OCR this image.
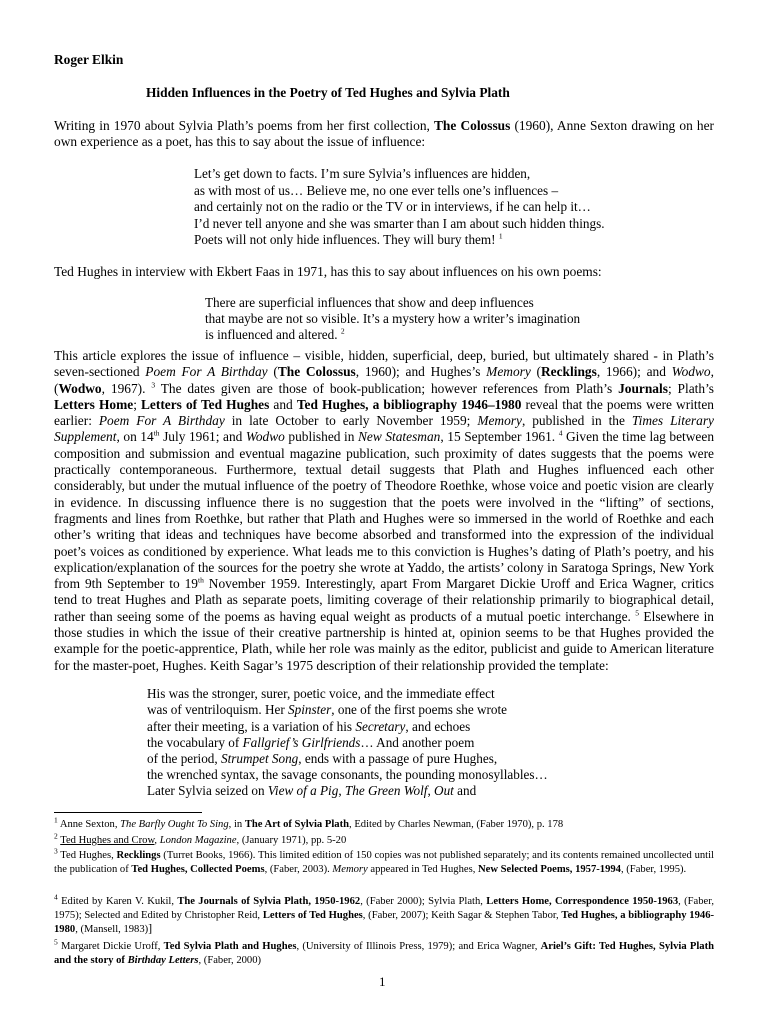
Roger Elkin
Hidden Influences in the Poetry of Ted Hughes and Sylvia Plath
Writing in 1970 about Sylvia Plath’s poems from her first collection, The Colossus (1960), Anne Sexton drawing on her own experience as a poet, has this to say about the issue of influence:
Let’s get down to facts. I’m sure Sylvia’s influences are hidden,
as with most of us… Believe me, no one ever tells one’s influences –
and certainly not on the radio or the TV or in interviews, if he can help it…
I’d never tell anyone and she was smarter than I am about such hidden things.
Poets will not only hide influences. They will bury them! $^1$
Ted Hughes in interview with Ekbert Faas in 1971, has this to say about influences on his own poems:
There are superficial influences that show and deep influences
that maybe are not so visible. It’s a mystery how a writer’s imagination
is influenced and altered. $^2$
This article explores the issue of influence – visible, hidden, superficial, deep, buried, but ultimately shared - in Plath’s seven-sectioned Poem For A Birthday (The Colossus, 1960); and Hughes’s Memory (Recklings, 1966); and Wodwo, (Wodwo, 1967). $^3$ The dates given are those of book-publication; however references from Plath’s Journals; Plath’s Letters Home; Letters of Ted Hughes and Ted Hughes, a bibliography 1946–1980 reveal that the poems were written earlier: Poem For A Birthday in late October to early November 1959; Memory, published in the Times Literary Supplement, on 14th July 1961; and Wodwo published in New Statesman, 15 September 1961. $^4$ Given the time lag between composition and submission and eventual magazine publication, such proximity of dates suggests that the poems were practically contemporaneous. Furthermore, textual detail suggests that Plath and Hughes influenced each other considerably, but under the mutual influence of the poetry of Theodore Roethke, whose voice and poetic vision are clearly in evidence. In discussing influence there is no suggestion that the poets were involved in the “lifting” of sections, fragments and lines from Roethke, but rather that Plath and Hughes were so immersed in the world of Roethke and each other’s writing that ideas and techniques have become absorbed and transformed into the expression of the individual poet’s voices as conditioned by experience. What leads me to this conviction is Hughes’s dating of Plath’s poetry, and his explication/explanation of the sources for the poetry she wrote at Yaddo, the artists’ colony in Saratoga Springs, New York from 9th September to 19th November 1959. Interestingly, apart From Margaret Dickie Uroff and Erica Wagner, critics tend to treat Hughes and Plath as separate poets, limiting coverage of their relationship primarily to biographical detail, rather than seeing some of the poems as having equal weight as products of a mutual poetic interchange. $^5$ Elsewhere in those studies in which the issue of their creative partnership is hinted at, opinion seems to be that Hughes provided the example for the poetic-apprentice, Plath, while her role was mainly as the editor, publicist and guide to American literature for the master-poet, Hughes. Keith Sagar’s 1975 description of their relationship provided the template:
His was the stronger, surer, poetic voice, and the immediate effect
was of ventriloquism. Her Spinster, one of the first poems she wrote
after their meeting, is a variation of his Secretary, and echoes
the vocabulary of Fallgrief’s Girlfriends… And another poem
of the period, Strumpet Song, ends with a passage of pure Hughes,
the wrenched syntax, the savage consonants, the pounding monosyllables…
Later Sylvia seized on View of a Pig, The Green Wolf, Out and
$^1$ Anne Sexton, The Barfly Ought To Sing, in The Art of Sylvia Plath, Edited by Charles Newman, (Faber 1970), p. 178
$^2$ Ted Hughes and Crow, London Magazine, (January 1971), pp. 5-20
$^3$ Ted Hughes, Recklings (Turret Books, 1966). This limited edition of 150 copies was not published separately; and its contents remained uncollected until the publication of Ted Hughes, Collected Poems, (Faber, 2003). Memory appeared in Ted Hughes, New Selected Poems, 1957-1994, (Faber, 1995).
$^4$ Edited by Karen V. Kukil, The Journals of Sylvia Plath, 1950-1962, (Faber 2000); Sylvia Plath, Letters Home, Correspondence 1950-1963, (Faber, 1975); Selected and Edited by Christopher Reid, Letters of Ted Hughes, (Faber, 2007); Keith Sagar & Stephen Tabor, Ted Hughes, a bibliography 1946-1980, (Mansell, 1983)]
$^5$ Margaret Dickie Uroff, Ted Sylvia Plath and Hughes, (University of Illinois Press, 1979); and Erica Wagner, Ariel’s Gift: Ted Hughes, Sylvia Plath and the story of Birthday Letters, (Faber, 2000)
1
